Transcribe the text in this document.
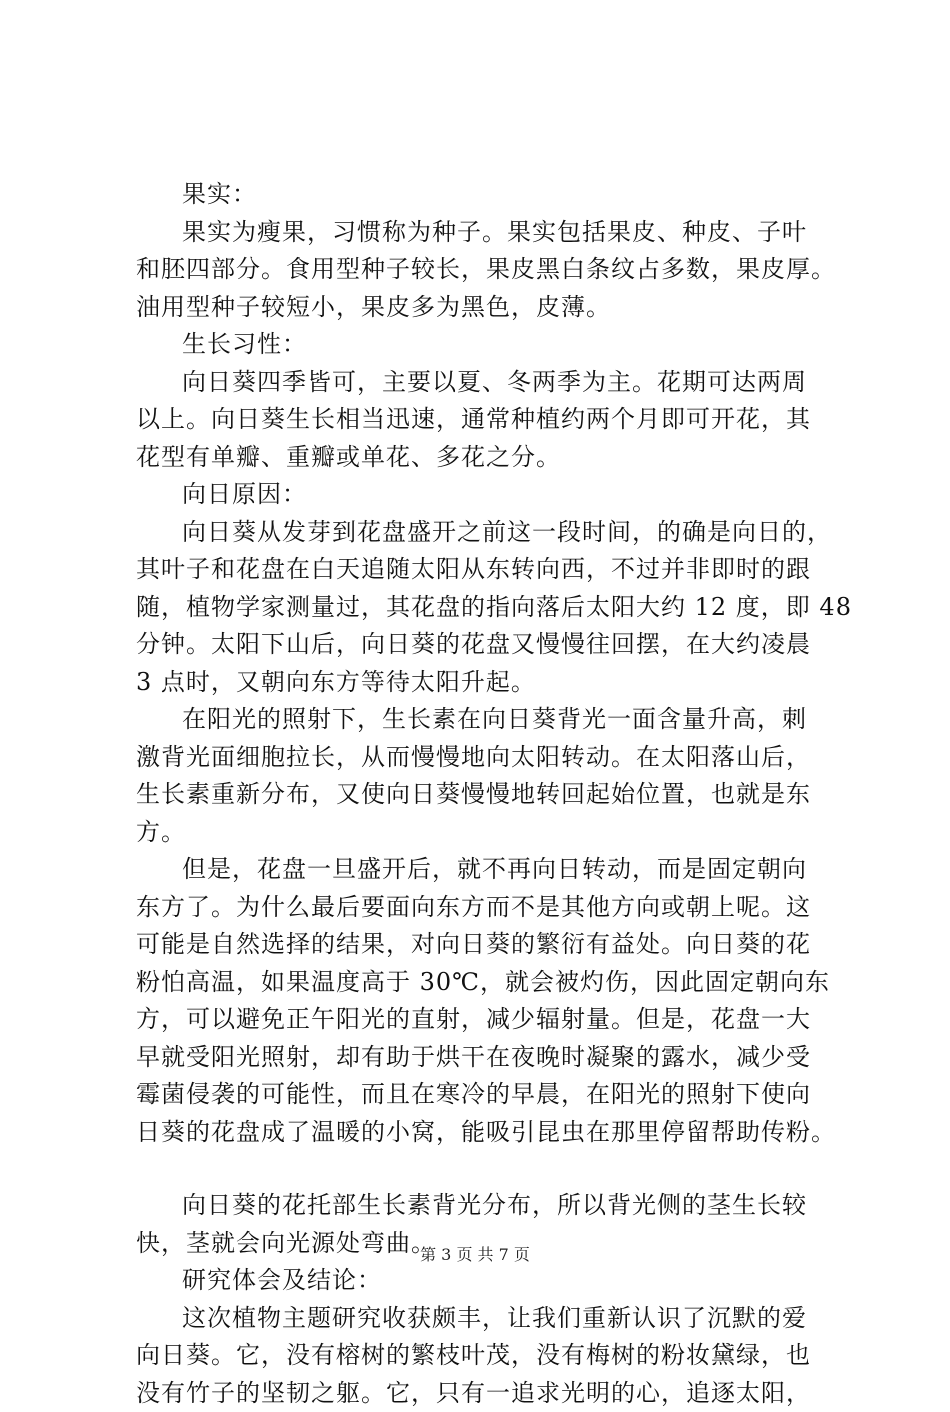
果实：
果实为瘦果，习惯称为种子。果实包括果皮、种皮、子叶
和胚四部分。食用型种子较长，果皮黑白条纹占多数，果皮厚。
油用型种子较短小，果皮多为黑色，皮薄。
生长习性：
向日葵四季皆可，主要以夏、冬两季为主。花期可达两周
以上。向日葵生长相当迅速，通常种植约两个月即可开花，其
花型有单瓣、重瓣或单花、多花之分。
向日原因：
向日葵从发芽到花盘盛开之前这一段时间，的确是向日的，
其叶子和花盘在白天追随太阳从东转向西，不过并非即时的跟
随，植物学家测量过，其花盘的指向落后太阳大约 12 度，即 48
分钟。太阳下山后，向日葵的花盘又慢慢往回摆，在大约凌晨
3 点时，又朝向东方等待太阳升起。
在阳光的照射下，生长素在向日葵背光一面含量升高，刺
激背光面细胞拉长，从而慢慢地向太阳转动。在太阳落山后，
生长素重新分布，又使向日葵慢慢地转回起始位置，也就是东
方。
但是，花盘一旦盛开后，就不再向日转动，而是固定朝向
东方了。为什么最后要面向东方而不是其他方向或朝上呢。这
可能是自然选择的结果，对向日葵的繁衍有益处。向日葵的花
粉怕高温，如果温度高于 30℃，就会被灼伤，因此固定朝向东
方，可以避免正午阳光的直射，减少辐射量。但是，花盘一大
早就受阳光照射，却有助于烘干在夜晚时凝聚的露水，减少受
霉菌侵袭的可能性，而且在寒冷的早晨，在阳光的照射下使向
日葵的花盘成了温暖的小窝，能吸引昆虫在那里停留帮助传粉。
向日葵的花托部生长素背光分布，所以背光侧的茎生长较
快，茎就会向光源处弯曲。
研究体会及结论：
这次植物主题研究收获颇丰，让我们重新认识了沉默的爱
向日葵。它，没有榕树的繁枝叶茂，没有梅树的粉妆黛绿，也
没有竹子的坚韧之躯。它，只有一追求光明的心，追逐太阳，
第 3 页 共 7 页
